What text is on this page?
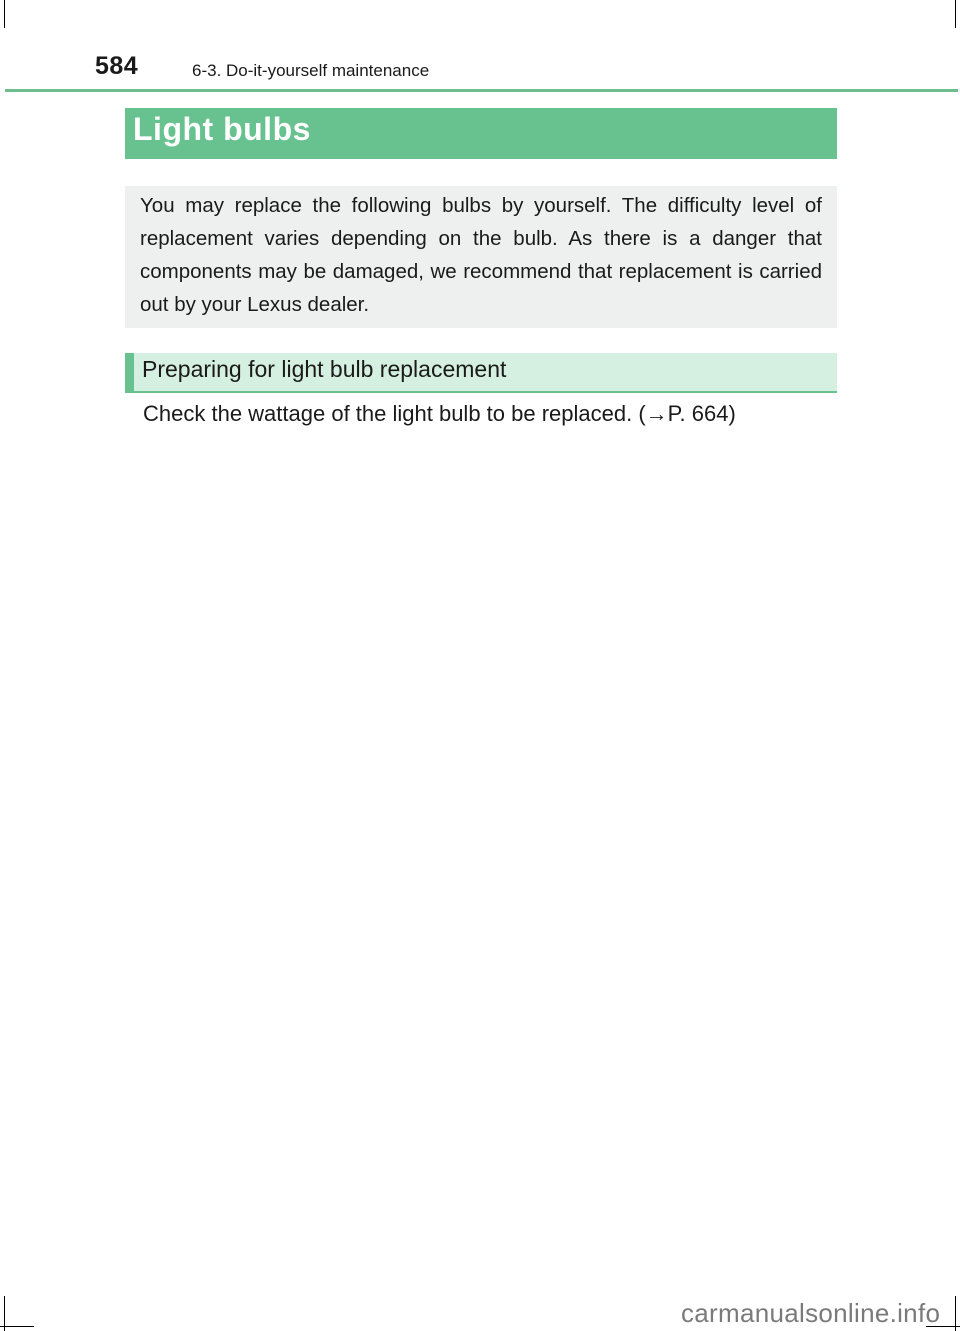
584	6-3. Do-it-yourself maintenance
Light bulbs

You may replace the following bulbs by yourself. The difficulty level of replacement varies depending on the bulb. As there is a danger that components may be damaged, we recommend that replacement is carried out by your Lexus dealer.

Preparing for light bulb replacement
Check the wattage of the light bulb to be replaced. (→P. 664)
carmanualsonline.info
